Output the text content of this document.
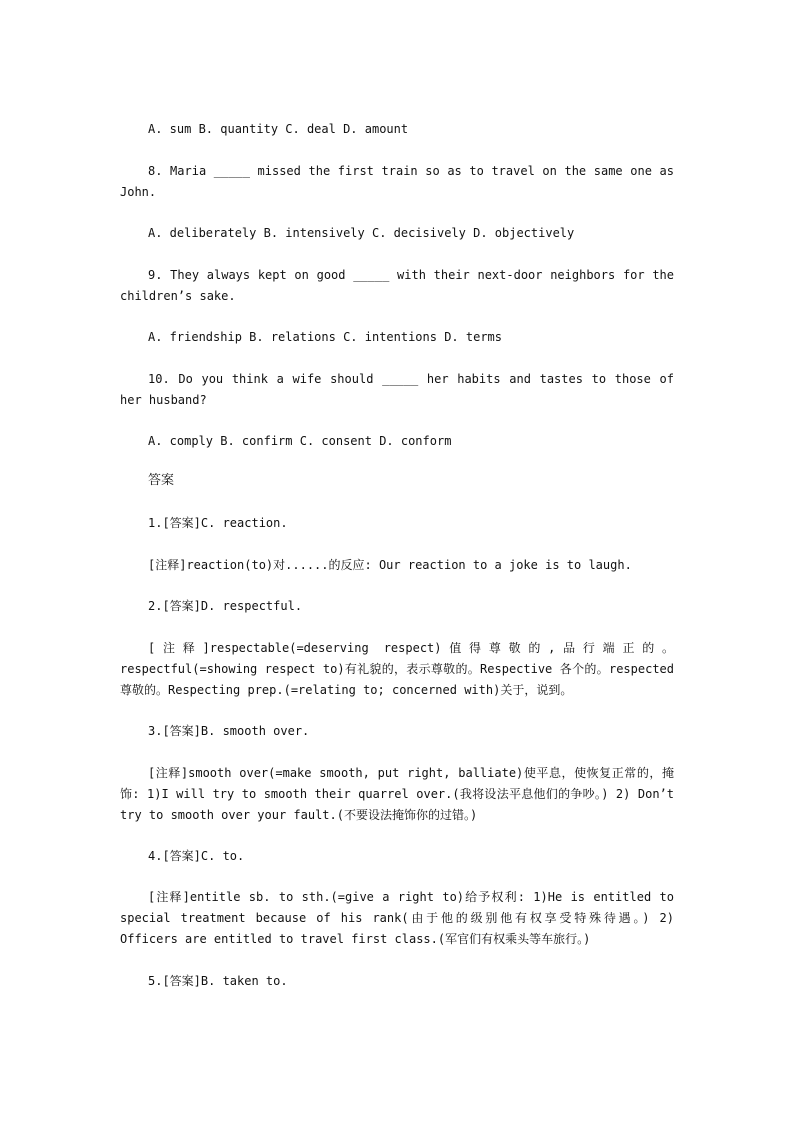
A. sum B. quantity C. deal D. amount

8. Maria _____ missed the first train so as to travel on the same one as John.

A. deliberately B. intensively C. decisively D. objectively

9. They always kept on good _____ with their next-door neighbors for the children’s sake.

A. friendship B. relations C. intentions D. terms

10. Do you think a wife should _____ her habits and tastes to those of her husband?

A. comply B. confirm C. consent D. conform

答案

1.[答案]C. reaction.

[注释]reaction(to)对......的反应: Our reaction to a joke is to laugh.

2.[答案]D. respectful.

[注释]respectable(=deserving respect)值得尊敬的,品行端正的。respectful(=showing respect to)有礼貌的，表示尊敬的。Respective 各个的。respected尊敬的。Respecting prep.(=relating to; concerned with)关于，说到。

3.[答案]B. smooth over.

[注释]smooth over(=make smooth, put right, balliate)使平息，使恢复正常的，掩饰: 1)I will try to smooth their quarrel over.(我将设法平息他们的争吵。) 2) Don’t try to smooth over your fault.(不要设法掩饰你的过错。)

4.[答案]C. to.

[注释]entitle sb. to sth.(=give a right to)给予权利: 1)He is entitled to special treatment because of his rank(由于他的级别他有权享受特殊待遇。) 2) Officers are entitled to travel first class.(军官们有权乘头等车旅行。)

5.[答案]B. taken to.
